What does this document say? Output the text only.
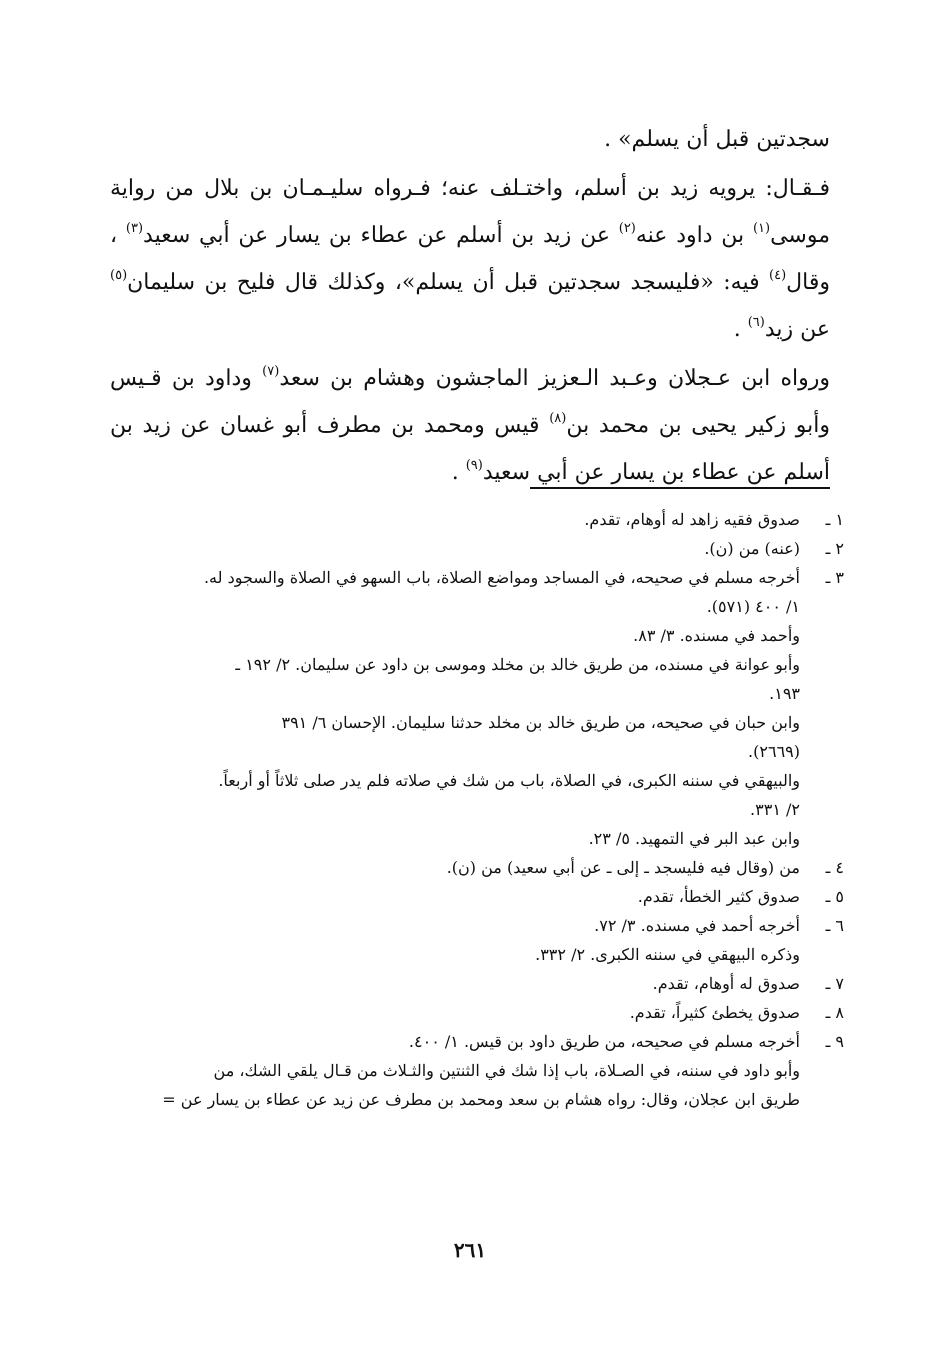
سجدتين قبل أن يسلم» .

فـقـال: يرويه زيد بن أسلم، واختـلف عنه؛ فـرواه سليـمـان بن بلال من رواية موسى$^{(١)}$ بن داود عنه$^{(٢)}$ عن زيد بن أسلم عن عطاء بن يسار عن أبي سعيد$^{(٣)}$ ، وقال$^{(٤)}$ فيه: «فليسجد سجدتين قبل أن يسلم»، وكذلك قال فليح بن سليمان$^{(٥)}$ عن زيد$^{(٦)}$ .

ورواه ابن عـجلان وعـبد الـعزيز الماجشون وهشام بن سعد$^{(٧)}$ وداود بن قـيس وأبو زكير يحيى بن محمد بن$^{(٨)}$ قيس ومحمد بن مطرف أبو غسان عن زيد بن أسلم عن عطاء بن يسار عن أبي سعيد$^{(٩)}$ .

١ ـ
صدوق فقيه زاهد له أوهام، تقدم.
٢ ـ
(عنه) من (ن).
٣ ـ
أخرجه مسلم في صحيحه، في المساجد ومواضع الصلاة، باب السهو في الصلاة والسجود له.
١/ ٤٠٠ (٥٧١).
وأحمد في مسنده. ٣/ ٨٣.
وأبو عوانة في مسنده، من طريق خالد بن مخلد وموسى بن داود عن سليمان. ٢/ ١٩٢ ـ
١٩٣.
وابن حبان في صحيحه، من طريق خالد بن مخلد حدثنا سليمان. الإحسان ٦/ ٣٩١
(٢٦٦٩).
والبيهقي في سننه الكبرى، في الصلاة، باب من شك في صلاته فلم يدر صلى ثلاثاً أو أربعاً.
٢/ ٣٣١.
وابن عبد البر في التمهيد. ٥/ ٢٣.
٤ ـ
من (وقال فيه فليسجد ـ إلى ـ عن أبي سعيد) من (ن).
٥ ـ
صدوق كثير الخطأ، تقدم.
٦ ـ
أخرجه أحمد في مسنده. ٣/ ٧٢.
وذكره البيهقي في سننه الكبرى. ٢/ ٣٣٢.
٧ ـ
صدوق له أوهام، تقدم.
٨ ـ
صدوق يخطئ كثيراً، تقدم.
٩ ـ
أخرجه مسلم في صحيحه، من طريق داود بن قيس. ١/ ٤٠٠.
وأبو داود في سننه، في الصـلاة، باب إذا شك في الثنتين والثـلاث من قـال يلقي الشك، من
طريق ابن عجلان، وقال: رواه هشام بن سعد ومحمد بن مطرف عن زيد عن عطاء بن يسار عن =
٢٦١
